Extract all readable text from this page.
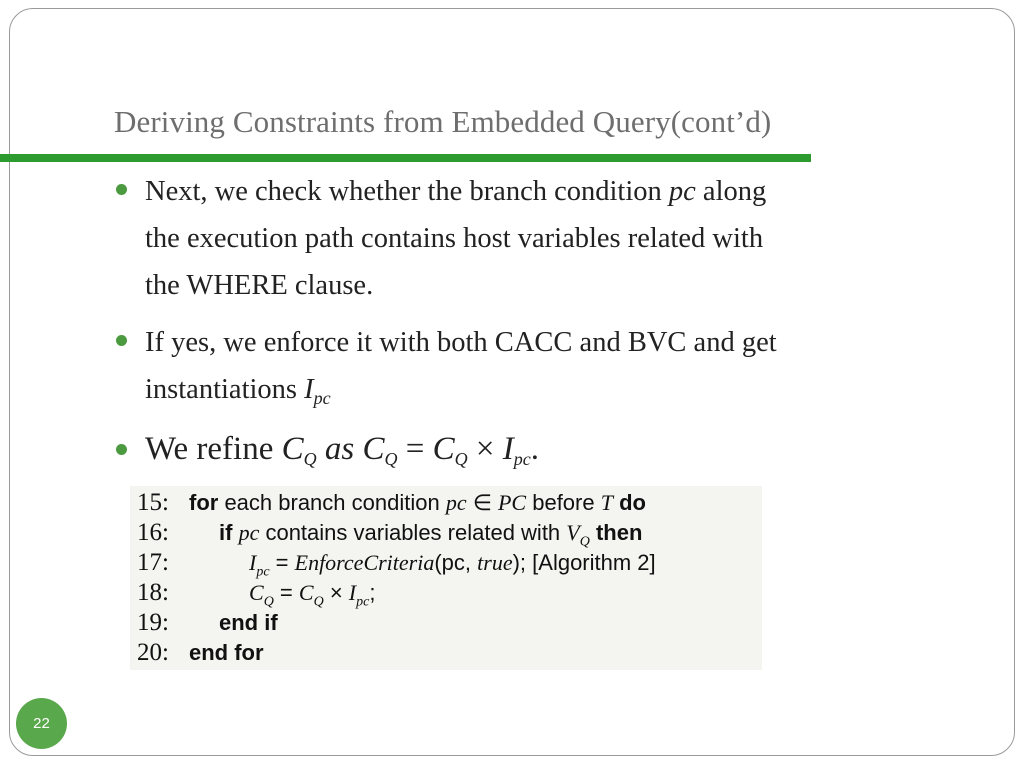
Deriving Constraints from Embedded Query(cont’d)
Next, we check whether the branch condition pc along
the execution path contains host variables related with
the WHERE clause.
If yes, we enforce it with both CACC and BVC and get
instantiations $I_{pc}$
We refine $C_Q$ as $C_Q = C_Q \times I_{pc}$.
15: for each branch condition pc ∈ PC before T do
16: if pc contains variables related with $V_Q$ then
17:	$I_{pc}$ = EnforceCriteria(pc, true); [Algorithm 2]
18:	$C_Q = C_Q \times I_{pc}$;
19: end if
20: end for
22
